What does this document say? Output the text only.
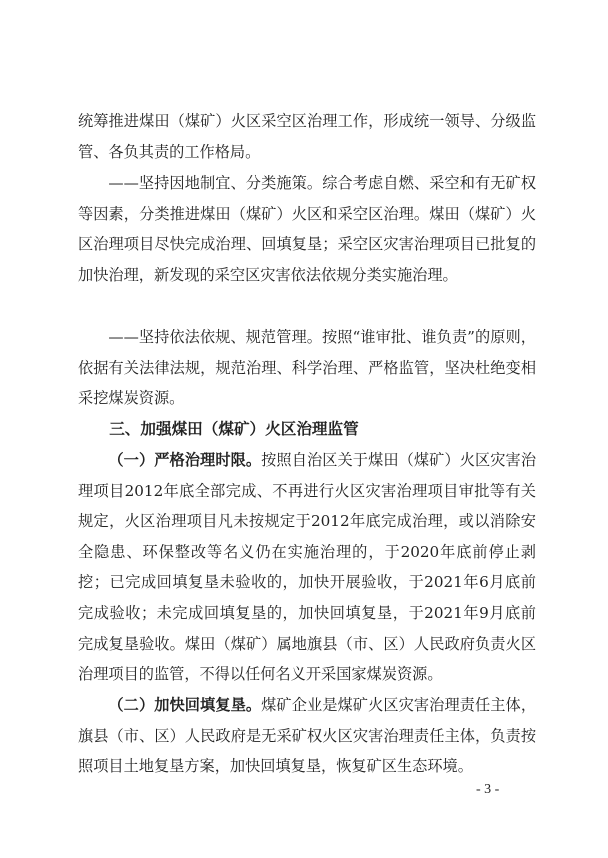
统筹推进煤田（煤矿）火区采空区治理工作，形成统一领导、分级监管、各负其责的工作格局。

——坚持因地制宜、分类施策。综合考虑自燃、采空和有无矿权等因素，分类推进煤田（煤矿）火区和采空区治理。煤田（煤矿）火区治理项目尽快完成治理、回填复垦；采空区灾害治理项目已批复的加快治理，新发现的采空区灾害依法依规分类实施治理。

——坚持依法依规、规范管理。按照“谁审批、谁负责”的原则，依据有关法律法规，规范治理、科学治理、严格监管，坚决杜绝变相采挖煤炭资源。

三、加强煤田（煤矿）火区治理监管

（一）严格治理时限。按照自治区关于煤田（煤矿）火区灾害治理项目2012年底全部完成、不再进行火区灾害治理项目审批等有关规定，火区治理项目凡未按规定于2012年底完成治理，或以消除安全隐患、环保整改等名义仍在实施治理的，于2020年底前停止剥挖；已完成回填复垦未验收的，加快开展验收，于2021年6月底前完成验收；未完成回填复垦的，加快回填复垦，于2021年9月底前完成复垦验收。煤田（煤矿）属地旗县（市、区）人民政府负责火区治理项目的监管，不得以任何名义开采国家煤炭资源。

（二）加快回填复垦。煤矿企业是煤矿火区灾害治理责任主体，旗县（市、区）人民政府是无采矿权火区灾害治理责任主体，负责按照项目土地复垦方案，加快回填复垦，恢复矿区生态环境。

- 3 -
